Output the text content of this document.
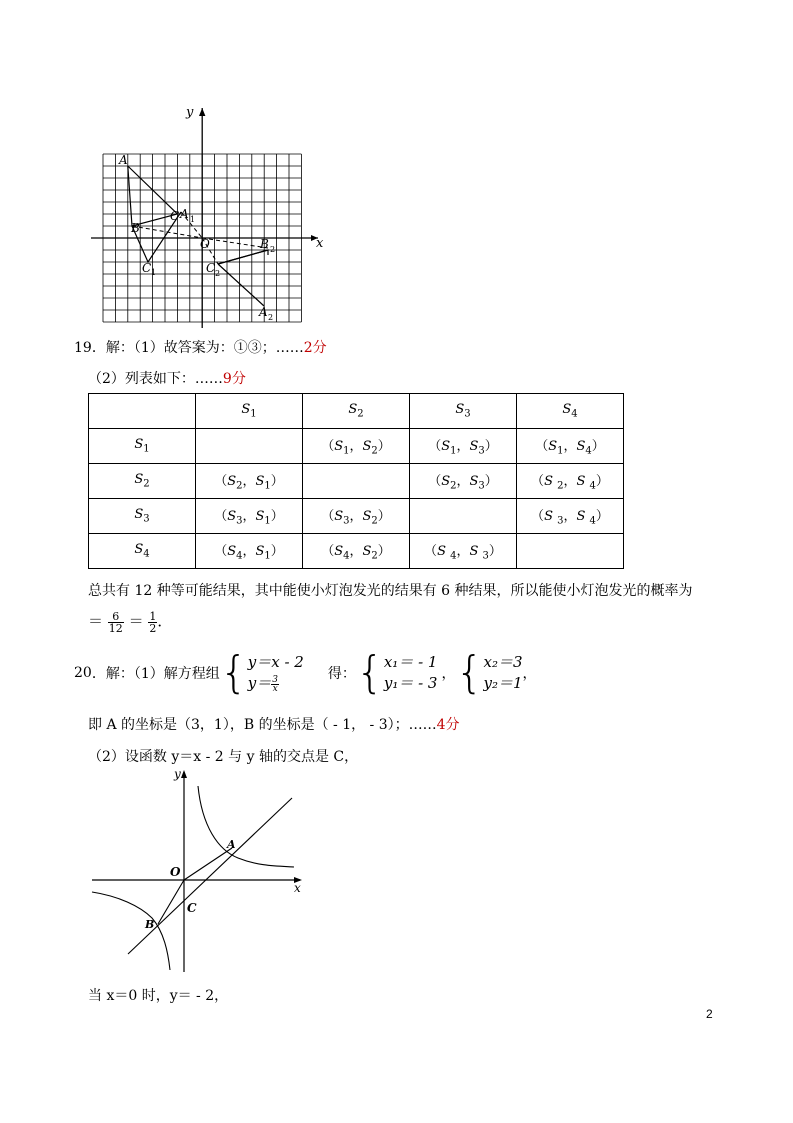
y
x
A
B
C A 1
C 1
O	B 2
C 2
A 2
19．解：（1）故答案为：①③；……2分
（2）列表如下：……9分
	$S_1$	$S_2$	$S_3$	$S_4$
$S_1$		（$S_1$，$S_2$）	（$S_1$，$S_3$）	（$S_1$，$S_4$）
$S_2$	（$S_2$，$S_1$）		（$S_2$，$S_3$）	（S $_2$，S $_4$）
$S_3$	（$S_3$，$S_1$）	（$S_3$，$S_2$）		（S $_3$，S $_4$）
$S_4$	（$S_4$，$S_1$）	（$S_4$，$S_2$）	（S $_4$，S $_3$）	
总共有 12 种等可能结果，其中能使小灯泡发光的结果有 6 种结果，所以能使小灯泡发光的概率为
＝ $\frac{6}{12} = \frac{1}{2}$ ．
20 ．解：（1）解方程组 { y＝x - 2
$y= \frac{3}{x}$
得： { x₁＝ - 1
y₁＝ - 3 ， { x₂＝3
y₂＝1 ，
即 A 的坐标是（3，1），B 的坐标是（ - 1， - 3）；……4分
（2）设函数 y＝x - 2 与 y 轴的交点是 C，
y
x
O
A
B
C
当 x＝0 时，y＝ - 2，
2
